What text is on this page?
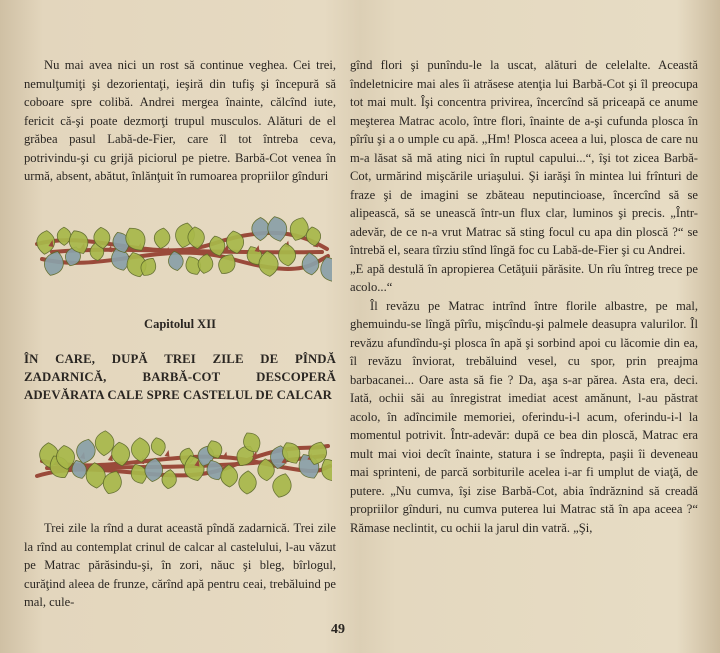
Nu mai avea nici un rost să continue veghea. Cei trei, nemulţumiţi şi dezorientaţi, ieşiră din tufiş şi începură să coboare spre colibă. Andrei mergea înainte, călcînd iute, fericit că-şi poate dezmorţi trupul musculos. Alături de el grăbea pasul Labă-de-Fier, care îl tot întreba ceva, potrivindu-şi cu grijă piciorul pe pietre. Barbă-Cot venea în urmă, absent, abătut, înlănţuit în rumoarea propriilor gînduri

Capitolul XII
ÎN CARE, DUPĂ TREI ZILE DE PÎNDĂ ZADARNICĂ, BARBĂ-COT DESCOPERĂ ADEVĂRATA CALE SPRE CASTELUL DE CALCAR

Trei zile la rînd a durat această pîndă zadarnică. Trei zile la rînd au contemplat crinul de calcar al castelului, l-au văzut pe Matrac părăsindu-şi, în zori, năuc şi bleg, bîrlogul, curăţind aleea de frunze, cărînd apă pentru ceai, trebăluind pe mal, cule-

gînd flori şi punîndu-le la uscat, alături de celelalte. Această îndeletnicire mai ales îi atrăsese atenţia lui Barbă-Cot şi îl preocupa tot mai mult. Îşi concentra privirea, încercînd să priceapă ce anume meşterea Matrac acolo, între flori, înainte de a-şi cufunda plosca în pîrîu şi a o umple cu apă. „Hm! Plosca aceea a lui, plosca de care nu m-a lăsat să mă ating nici în ruptul capului...“, îşi tot zicea Barbă-Cot, urmărind mişcările uriaşului. Şi iarăşi în mintea lui frînturi de fraze şi de imagini se zbăteau neputincioase, încercînd să se alipească, să se unească într-un flux clar, luminos şi precis. „Într-adevăr, de ce n-a vrut Matrac să sting focul cu apa din ploscă ?“ se întrebă el, seara tîrziu stînd lîngă foc cu Labă-de-Fier şi cu Andrei.

„E apă destulă în apropierea Cetăţuii părăsite. Un rîu întreg trece pe acolo...“

Îl revăzu pe Matrac intrînd între florile albastre, pe mal, ghemuindu-se lîngă pîrîu, mişcîndu-şi palmele deasupra valurilor. Îl revăzu afundîndu-şi plosca în apă şi sorbind apoi cu lăcomie din ea, îl revăzu înviorat, trebăluind vesel, cu spor, prin preajma barbacanei... Oare asta să fie ? Da, aşa s-ar părea. Asta era, deci. Iată, ochii săi au înregistrat imediat acest amănunt, l-au păstrat acolo, în adîncimile memoriei, oferindu-i-l acum, oferindu-i-l la momentul potrivit. Într-adevăr: după ce bea din ploscă, Matrac era mult mai vioi decît înainte, statura i se îndrepta, paşii îi deveneau mai sprinteni, de parcă sorbiturile acelea i-ar fi umplut de viaţă, de putere. „Nu cumva, îşi zise Barbă-Cot, abia îndrăznind să creadă propriilor gînduri, nu cumva puterea lui Matrac stă în apa aceea ?“ Rămase neclintit, cu ochii la jarul din vatră. „Şi,

49
